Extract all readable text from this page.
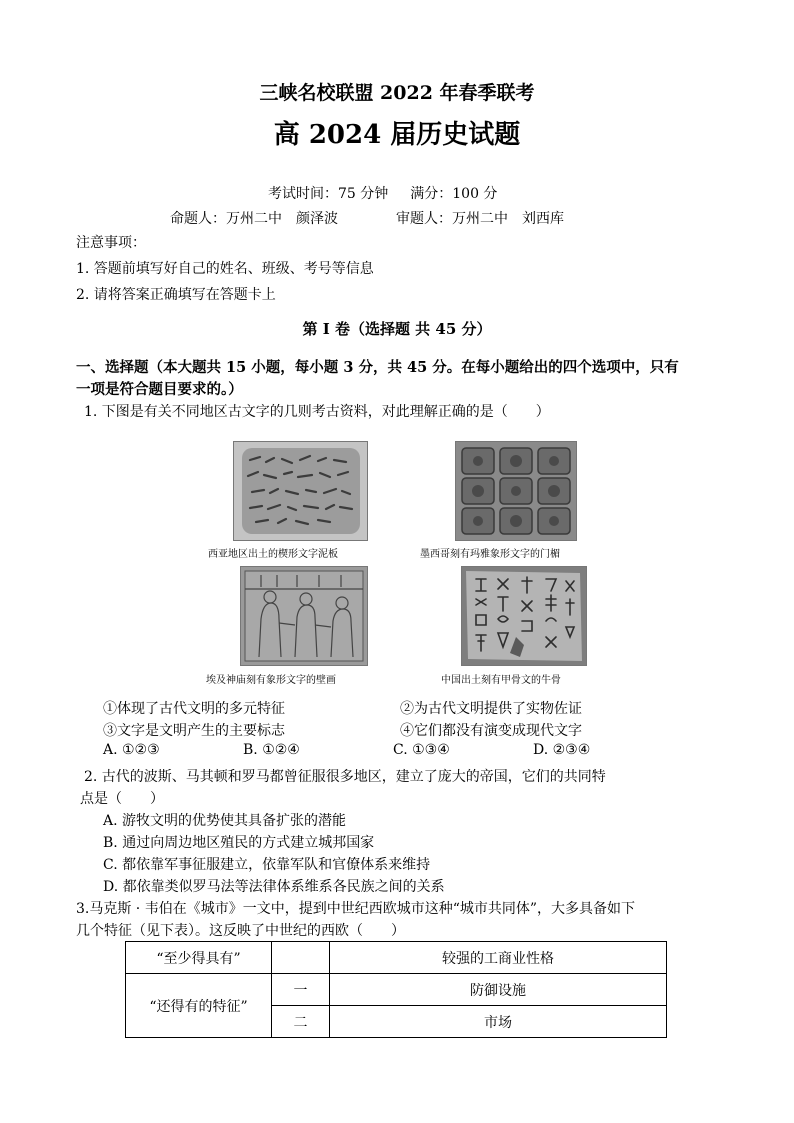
三峡名校联盟 2022 年春季联考
高 2024 届历史试题
考试时间：75 分钟 满分：100 分
命题人：万州二中　颜泽波	审题人：万州二中　刘西库
注意事项：
1. 答题前填写好自己的姓名、班级、考号等信息
2. 请将答案正确填写在答题卡上
第 I 卷（选择题 共 45 分）
一、选择题（本大题共 15 小题，每小题 3 分，共 45 分。在每小题给出的四个选项中，只有
一项是符合题目要求的。）
1. 下图是有关不同地区古文字的几则考古资料，对此理解正确的是（　　）
西亚地区出土的楔形文字泥板	墨西哥刻有玛雅象形文字的门楣
埃及神庙刻有象形文字的壁画	中国出土刻有甲骨文的牛骨
①体现了古代文明的多元特征	②为古代文明提供了实物佐证
③文字是文明产生的主要标志	④它们都没有演变成现代文字
A. ①②③	B. ①②④	C. ①③④	D. ②③④
2. 古代的波斯、马其顿和罗马都曾征服很多地区，建立了庞大的帝国，它们的共同特
点是（　　）
A. 游牧文明的优势使其具备扩张的潜能
B. 通过向周边地区殖民的方式建立城邦国家
C. 都依靠军事征服建立，依靠军队和官僚体系来维持
D. 都依靠类似罗马法等法律体系维系各民族之间的关系
3.马克斯 · 韦伯在《城市》一文中，提到中世纪西欧城市这种“城市共同体”，大多具备如下
几个特征（见下表）。这反映了中世纪的西欧（　　）
“至少得具有”		较强的工商业性格
“还得有的特征”	一	防御设施
	二	市场
